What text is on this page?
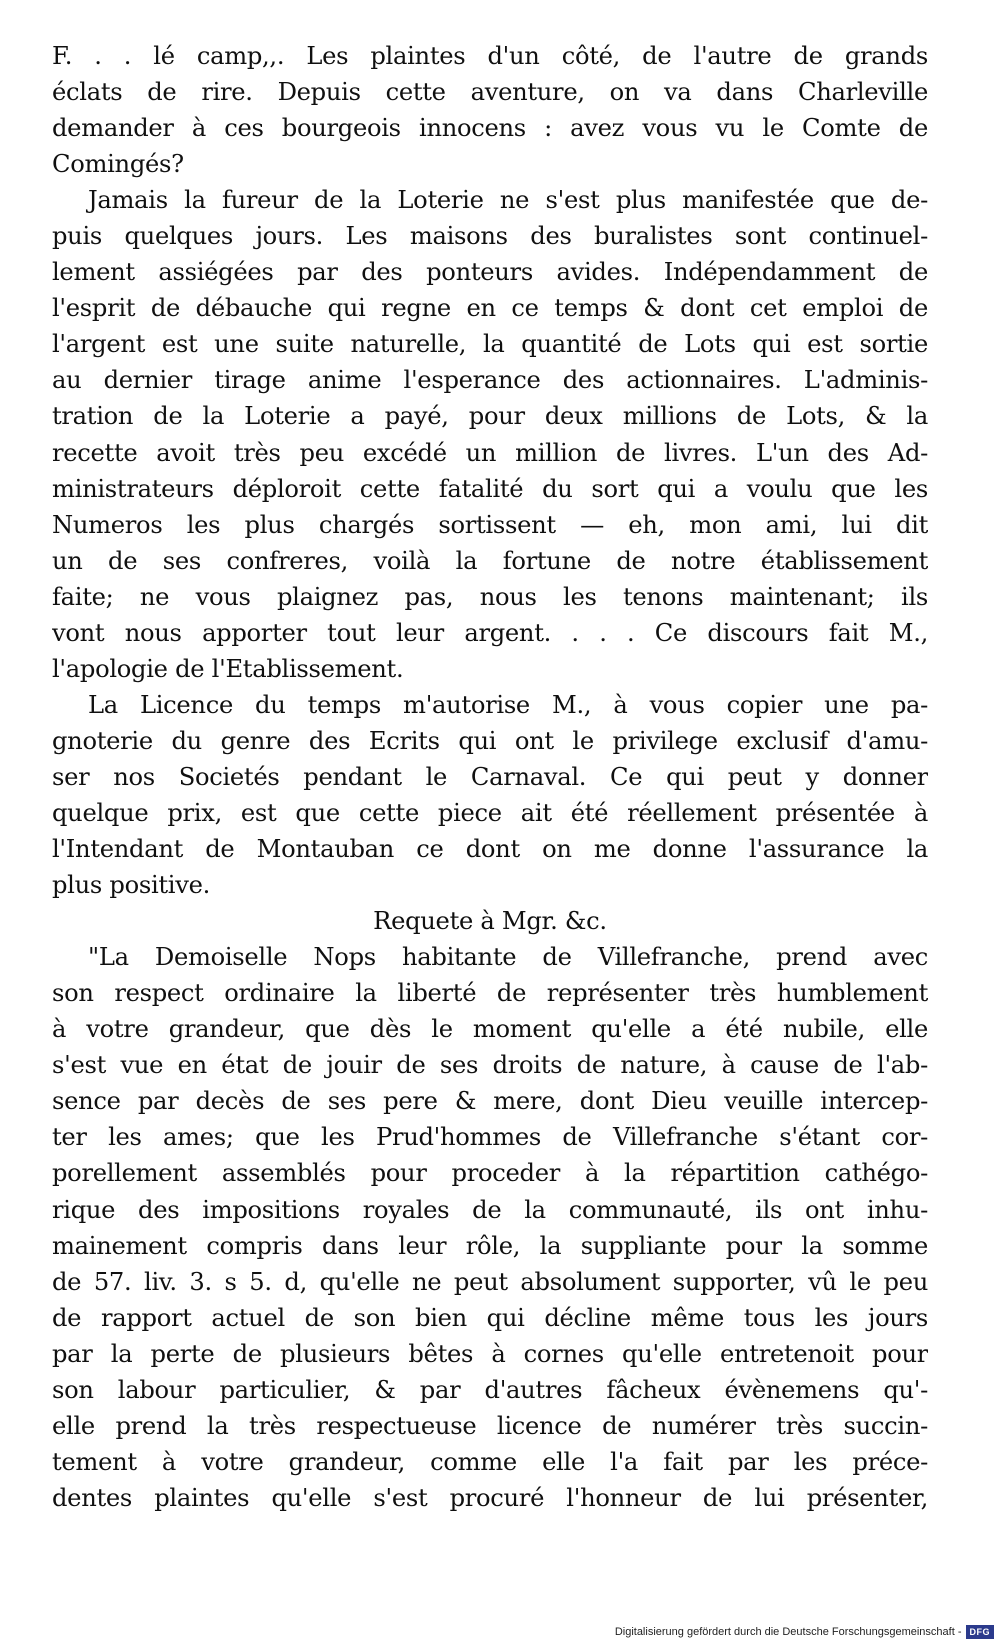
F. . . lé camp,,. Les plaintes d'un côté, de l'autre de grands
éclats de rire. Depuis cette aventure, on va dans Charleville
demander à ces bourgeois innocens : avez vous vu le Comte de
Comingés?
Jamais la fureur de la Loterie ne s'est plus manifestée que de-
puis quelques jours. Les maisons des buralistes sont continuel-
lement assiégées par des ponteurs avides. Indépendamment de
l'esprit de débauche qui regne en ce temps & dont cet emploi de
l'argent est une suite naturelle, la quantité de Lots qui est sortie
au dernier tirage anime l'esperance des actionnaires. L'adminis-
tration de la Loterie a payé, pour deux millions de Lots, & la
recette avoit très peu excédé un million de livres. L'un des Ad-
ministrateurs déploroit cette fatalité du sort qui a voulu que les
Numeros les plus chargés sortissent — eh, mon ami, lui dit
un de ses confreres, voilà la fortune de notre établissement
faite; ne vous plaignez pas, nous les tenons maintenant; ils
vont nous apporter tout leur argent. . . . Ce discours fait M.,
l'apologie de l'Etablissement.
La Licence du temps m'autorise M., à vous copier une pa-
gnoterie du genre des Ecrits qui ont le privilege exclusif d'amu-
ser nos Societés pendant le Carnaval. Ce qui peut y donner
quelque prix, est que cette piece ait été réellement présentée à
l'Intendant de Montauban ce dont on me donne l'assurance la
plus positive.
Requete à Mgr. &c.
"La Demoiselle Nops habitante de Villefranche, prend avec
son respect ordinaire la liberté de représenter très humblement
à votre grandeur, que dès le moment qu'elle a été nubile, elle
s'est vue en état de jouir de ses droits de nature, à cause de l'ab-
sence par decès de ses pere & mere, dont Dieu veuille intercep-
ter les ames; que les Prud'hommes de Villefranche s'étant cor-
porellement assemblés pour proceder à la répartition cathégo-
rique des impositions royales de la communauté, ils ont inhu-
mainement compris dans leur rôle, la suppliante pour la somme
de 57. liv. 3. s 5. d, qu'elle ne peut absolument supporter, vû le peu
de rapport actuel de son bien qui décline même tous les jours
par la perte de plusieurs bêtes à cornes qu'elle entretenoit pour
son labour particulier, & par d'autres fâcheux évènemens qu'-
elle prend la très respectueuse licence de numérer très succin-
tement à votre grandeur, comme elle l'a fait par les préce-
dentes plaintes qu'elle s'est procuré l'honneur de lui présenter,
Digitalisierung gefördert durch die Deutsche Forschungsgemeinschaft - DFG
